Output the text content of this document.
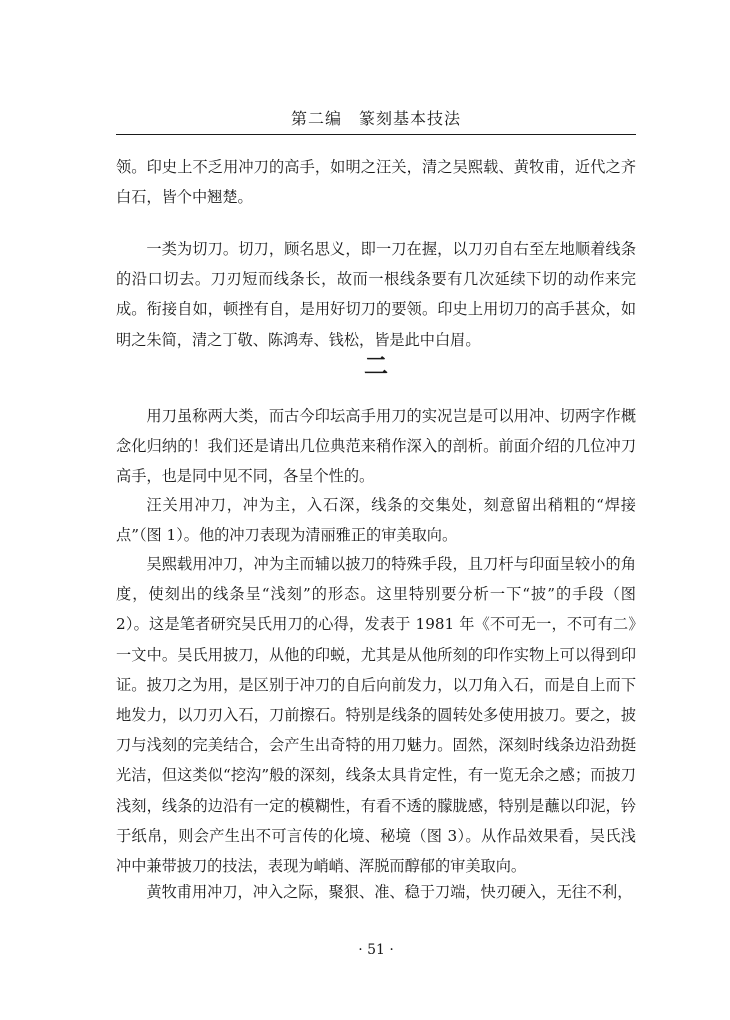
第二编　篆刻基本技法

领。印史上不乏用冲刀的高手，如明之汪关，清之吴熙载、黄牧甫，近代之齐白石，皆个中翘楚。

一类为切刀。切刀，顾名思义，即一刀在握，以刀刃自右至左地顺着线条的沿口切去。刀刃短而线条长，故而一根线条要有几次延续下切的动作来完成。衔接自如，顿挫有自，是用好切刀的要领。印史上用切刀的高手甚众，如明之朱简，清之丁敬、陈鸿寿、钱松，皆是此中白眉。

二

用刀虽称两大类，而古今印坛高手用刀的实况岂是可以用冲、切两字作概念化归纳的！我们还是请出几位典范来稍作深入的剖析。前面介绍的几位冲刀高手，也是同中见不同，各呈个性的。

汪关用冲刀，冲为主，入石深，线条的交集处，刻意留出稍粗的“焊接点”（图 1）。他的冲刀表现为清丽雅正的审美取向。

吴熙载用冲刀，冲为主而辅以披刀的特殊手段，且刀杆与印面呈较小的角度，使刻出的线条呈“浅刻”的形态。这里特别要分析一下“披”的手段（图 2）。这是笔者研究吴氏用刀的心得，发表于 1981 年《不可无一，不可有二》一文中。吴氏用披刀，从他的印蜕，尤其是从他所刻的印作实物上可以得到印证。披刀之为用，是区别于冲刀的自后向前发力，以刀角入石，而是自上而下地发力，以刀刃入石，刀前擦石。特别是线条的圆转处多使用披刀。要之，披刀与浅刻的完美结合，会产生出奇特的用刀魅力。固然，深刻时线条边沿劲挺光洁，但这类似“挖沟”般的深刻，线条太具肯定性，有一览无余之感；而披刀浅刻，线条的边沿有一定的模糊性，有看不透的朦胧感，特别是蘸以印泥，钤于纸帛，则会产生出不可言传的化境、秘境（图 3）。从作品效果看，吴氏浅冲中兼带披刀的技法，表现为峭峭、浑脱而醇郁的审美取向。

黄牧甫用冲刀，冲入之际，聚狠、准、稳于刀端，快刃硬入，无往不利，

· 51 ·
